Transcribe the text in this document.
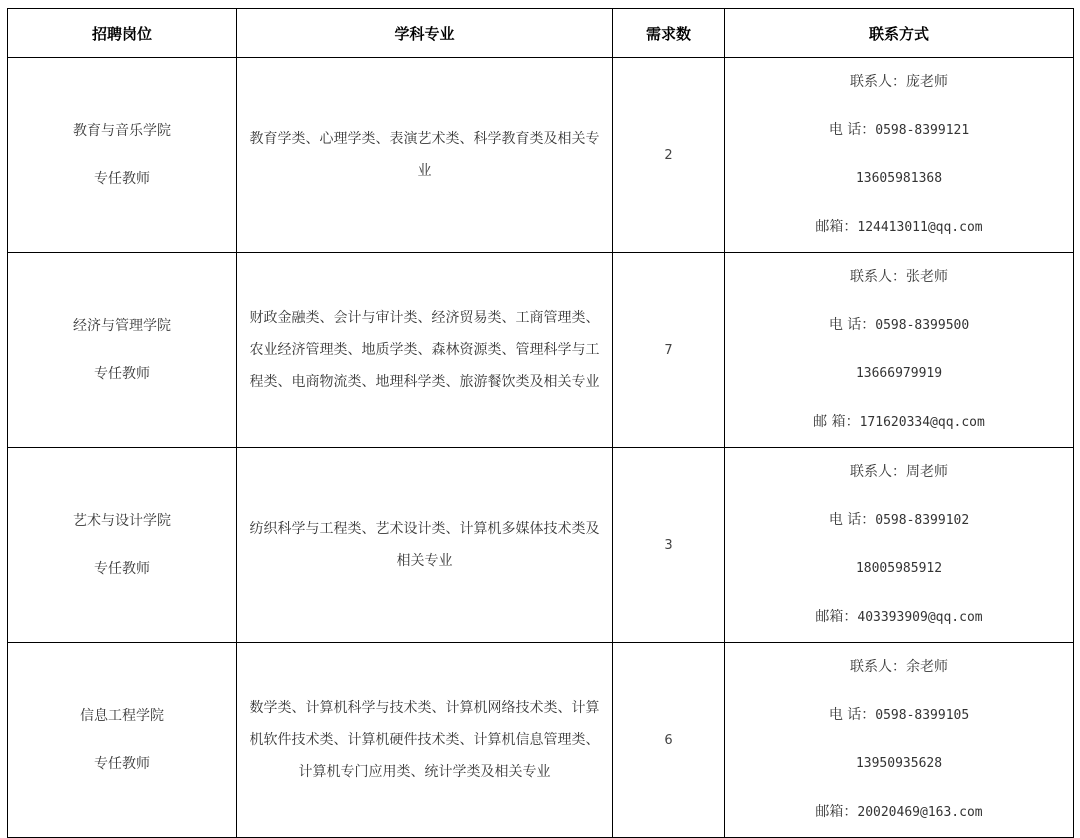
招聘岗位	学科专业	需求数	联系方式

教育与音乐学院
专任教师	教育学类、心理学类、表演艺术类、科学教育类及相关专业	2	联系人：庞老师
电 话：0598-8399121
13605981368
邮箱：124413011@qq.com

经济与管理学院
专任教师	财政金融类、会计与审计类、经济贸易类、工商管理类、农业经济管理类、地质学类、森林资源类、管理科学与工程类、电商物流类、地理科学类、旅游餐饮类及相关专业	7	联系人：张老师
电 话：0598-8399500
13666979919
邮 箱：171620334@qq.com

艺术与设计学院
专任教师	纺织科学与工程类、艺术设计类、计算机多媒体技术类及相关专业	3	联系人：周老师
电 话：0598-8399102
18005985912
邮箱：403393909@qq.com

信息工程学院
专任教师	数学类、计算机科学与技术类、计算机网络技术类、计算机软件技术类、计算机硬件技术类、计算机信息管理类、计算机专门应用类、统计学类及相关专业	6	联系人：余老师
电 话：0598-8399105
13950935628
邮箱：20020469@163.com
